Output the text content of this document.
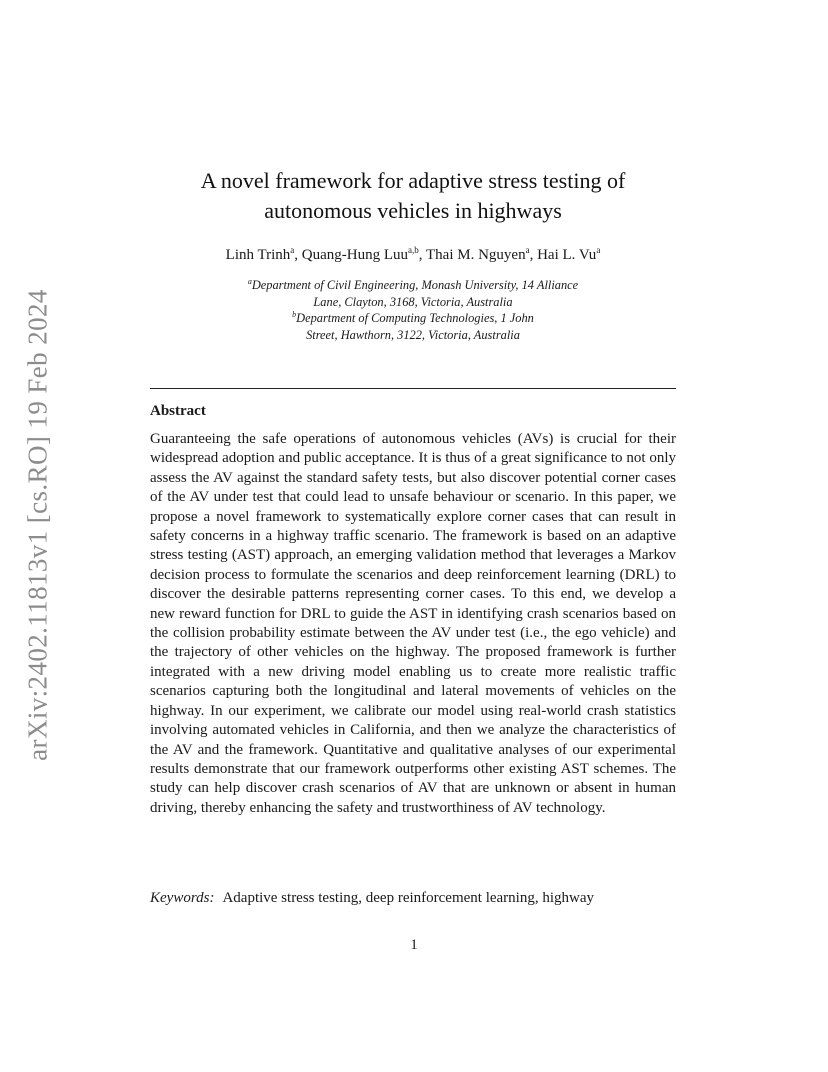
arXiv:2402.11813v1 [cs.RO] 19 Feb 2024
A novel framework for adaptive stress testing of
autonomous vehicles in highways
Linh Trinh$^a$, Quang-Hung Luu$^{a,b}$, Thai M. Nguyen$^a$, Hai L. Vu$^a$
$^a$Department of Civil Engineering, Monash University, 14 Alliance
Lane, Clayton, 3168, Victoria, Australia
$^b$Department of Computing Technologies, 1 John
Street, Hawthorn, 3122, Victoria, Australia
Abstract
Guaranteeing the safe operations of autonomous vehicles (AVs) is crucial for their widespread adoption and public acceptance. It is thus of a great significance to not only assess the AV against the standard safety tests, but also discover potential corner cases of the AV under test that could lead to unsafe behaviour or scenario. In this paper, we propose a novel framework to systematically explore corner cases that can result in safety concerns in a highway traffic scenario. The framework is based on an adaptive stress testing (AST) approach, an emerging validation method that leverages a Markov decision process to formulate the scenarios and deep reinforcement learning (DRL) to discover the desirable patterns representing corner cases. To this end, we develop a new reward function for DRL to guide the AST in identifying crash scenarios based on the collision probability estimate between the AV under test (i.e., the ego vehicle) and the trajectory of other vehicles on the highway. The proposed framework is further integrated with a new driving model enabling us to create more realistic traffic scenarios capturing both the longitudinal and lateral movements of vehicles on the highway. In our experiment, we calibrate our model using real-world crash statistics involving automated vehicles in California, and then we analyze the characteristics of the AV and the framework. Quantitative and qualitative analyses of our experimental results demonstrate that our framework outperforms other existing AST schemes. The study can help discover crash scenarios of AV that are unknown or absent in human driving, thereby enhancing the safety and trustworthiness of AV technology.
Keywords: Adaptive stress testing, deep reinforcement learning, highway
1
